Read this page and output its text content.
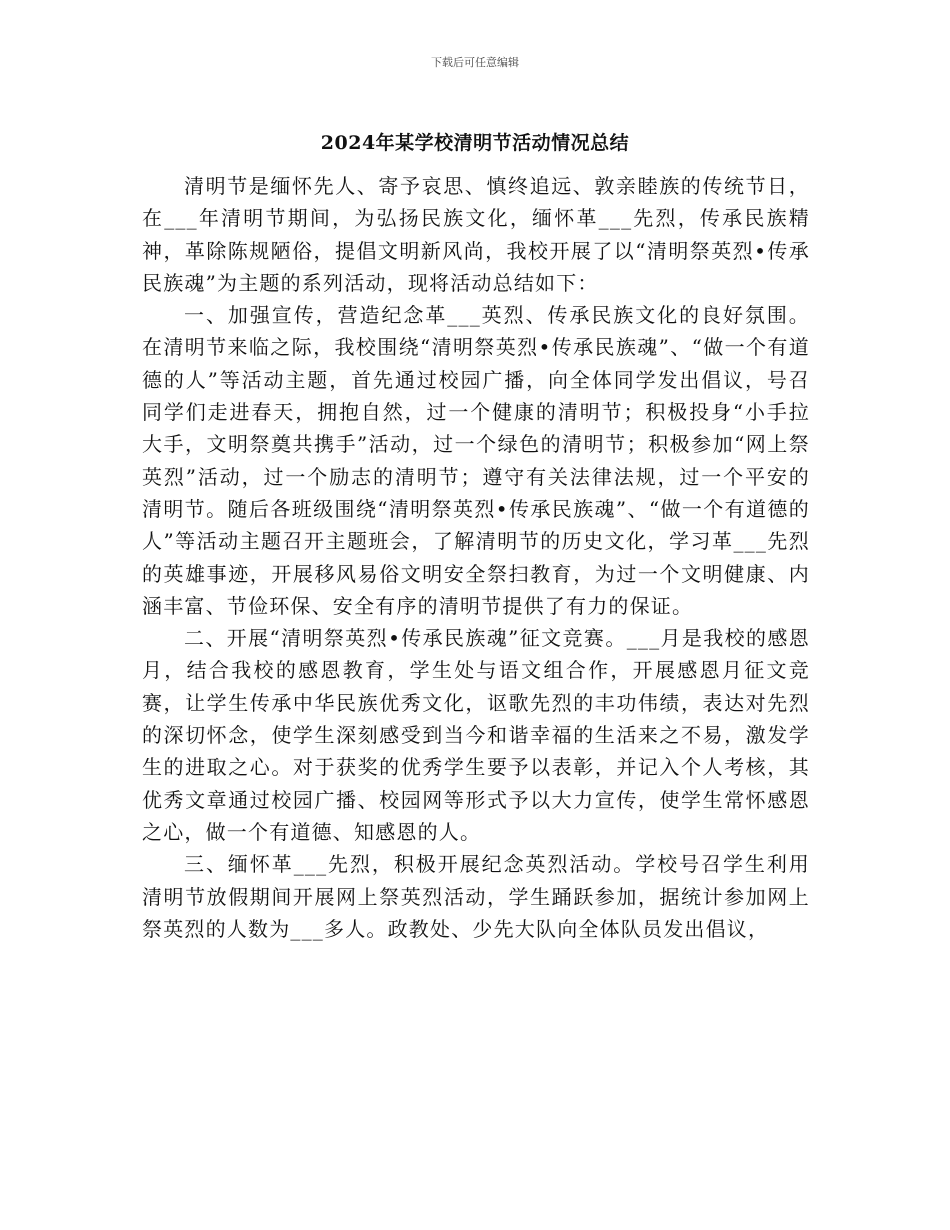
下载后可任意编辑
2024年某学校清明节活动情况总结

清明节是缅怀先人、寄予哀思、慎终追远、敦亲睦族的传统节日，在___年清明节期间，为弘扬民族文化，缅怀革___先烈，传承民族精神，革除陈规陋俗，提倡文明新风尚，我校开展了以“清明祭英烈•传承民族魂”为主题的系列活动，现将活动总结如下：

一、加强宣传，营造纪念革___英烈、传承民族文化的良好氛围。在清明节来临之际，我校围绕“清明祭英烈•传承民族魂”、“做一个有道德的人”等活动主题，首先通过校园广播，向全体同学发出倡议，号召同学们走进春天，拥抱自然，过一个健康的清明节；积极投身“小手拉大手，文明祭奠共携手”活动，过一个绿色的清明节；积极参加“网上祭英烈”活动，过一个励志的清明节；遵守有关法律法规，过一个平安的清明节。随后各班级围绕“清明祭英烈•传承民族魂”、“做一个有道德的人”等活动主题召开主题班会，了解清明节的历史文化，学习革___先烈的英雄事迹，开展移风易俗文明安全祭扫教育，为过一个文明健康、内涵丰富、节俭环保、安全有序的清明节提供了有力的保证。

二、开展“清明祭英烈•传承民族魂”征文竞赛。___月是我校的感恩月，结合我校的感恩教育，学生处与语文组合作，开展感恩月征文竞赛，让学生传承中华民族优秀文化，讴歌先烈的丰功伟绩，表达对先烈的深切怀念，使学生深刻感受到当今和谐幸福的生活来之不易，激发学生的进取之心。对于获奖的优秀学生要予以表彰，并记入个人考核，其优秀文章通过校园广播、校园网等形式予以大力宣传，使学生常怀感恩之心，做一个有道德、知感恩的人。

三、缅怀革___先烈，积极开展纪念英烈活动。学校号召学生利用清明节放假期间开展网上祭英烈活动，学生踊跃参加，据统计参加网上祭英烈的人数为___多人。政教处、少先大队向全体队员发出倡议，
